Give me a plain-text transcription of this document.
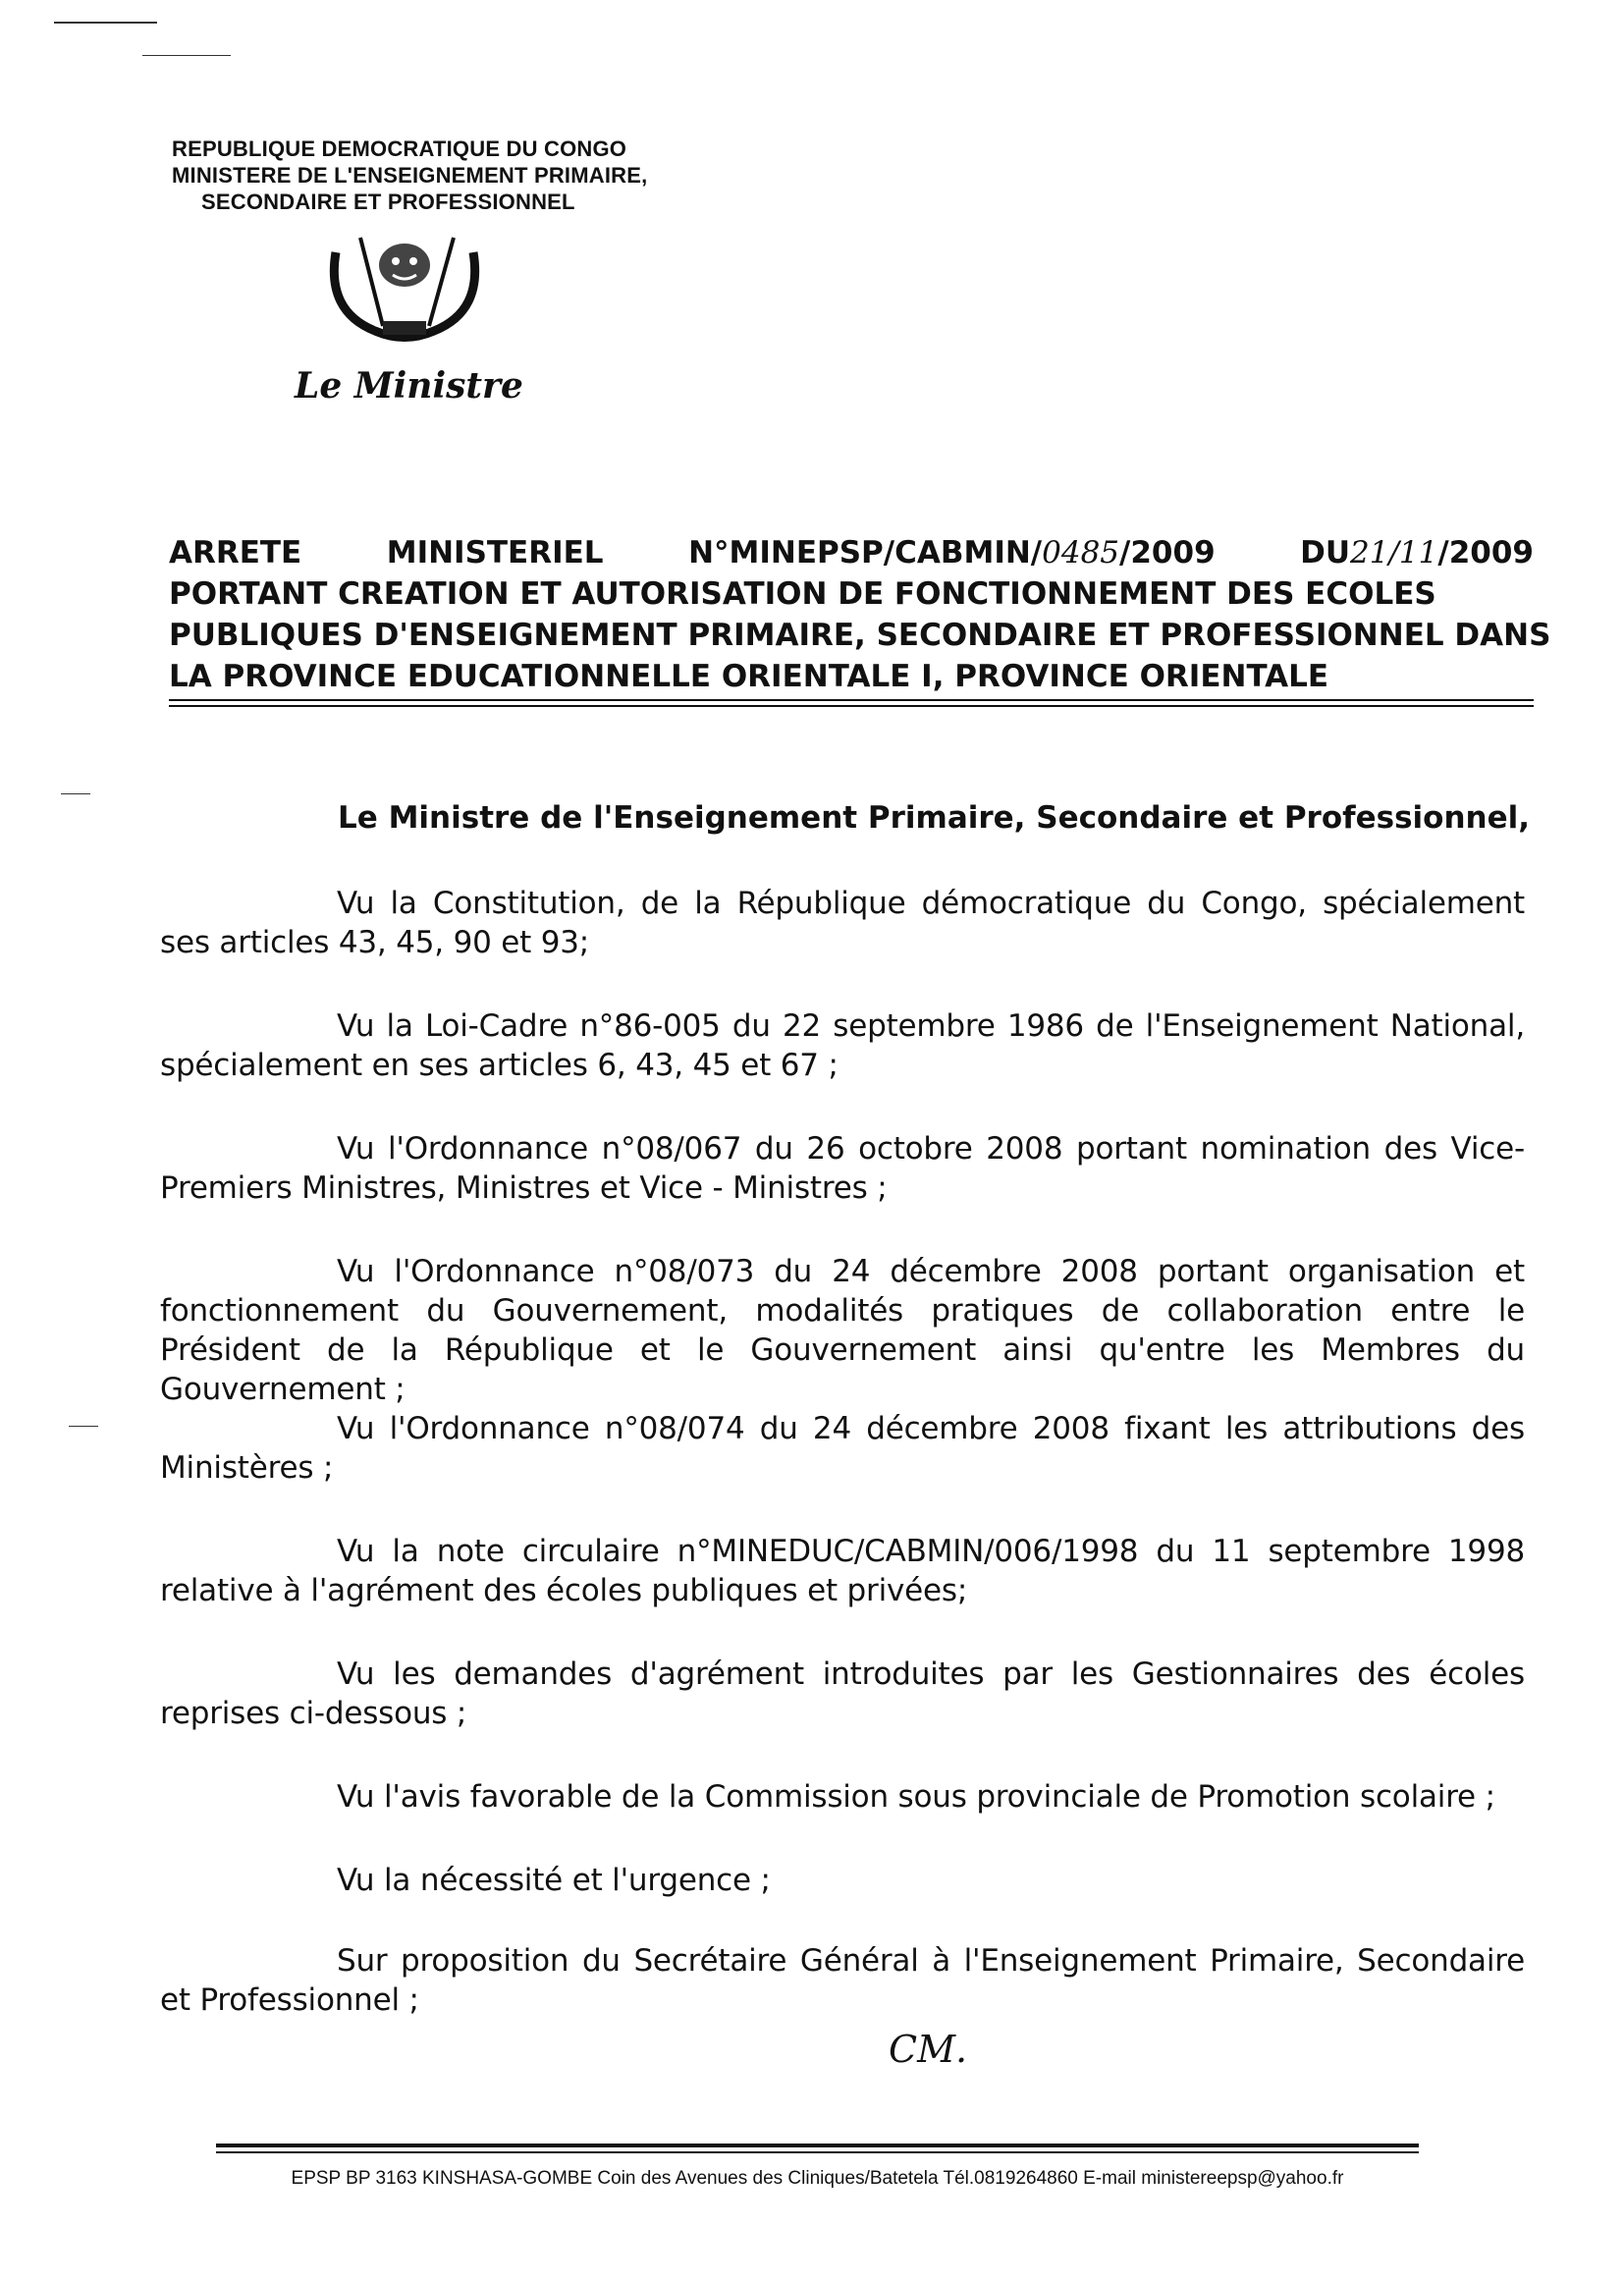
REPUBLIQUE DEMOCRATIQUE DU CONGO
MINISTERE DE L'ENSEIGNEMENT PRIMAIRE,
SECONDAIRE ET PROFESSIONNEL
Le Ministre
ARRETE	MINISTERIEL	N°MINEPSP/CABMIN/0485/2009	DU21/11/2009
PORTANT CREATION ET AUTORISATION DE FONCTIONNEMENT DES ECOLES
PUBLIQUES D'ENSEIGNEMENT PRIMAIRE, SECONDAIRE ET PROFESSIONNEL DANS
LA PROVINCE EDUCATIONNELLE ORIENTALE I, PROVINCE ORIENTALE
Le Ministre de l'Enseignement Primaire, Secondaire et Professionnel,
Vu la Constitution, de la République démocratique du Congo, spécialement ses articles 43, 45, 90 et 93;
Vu la Loi-Cadre n°86-005 du 22 septembre 1986 de l'Enseignement National, spécialement en ses articles 6, 43, 45 et 67 ;
Vu l'Ordonnance n°08/067 du 26 octobre 2008 portant nomination des Vice-Premiers Ministres, Ministres et Vice - Ministres ;
Vu l'Ordonnance n°08/073 du 24 décembre 2008 portant organisation et fonctionnement du Gouvernement, modalités pratiques de collaboration entre le Président de la République et le Gouvernement ainsi qu'entre les Membres du Gouvernement ;
Vu l'Ordonnance n°08/074 du 24 décembre 2008 fixant les attributions des Ministères ;
Vu la note circulaire n°MINEDUC/CABMIN/006/1998 du 11 septembre 1998 relative à l'agrément des écoles publiques et privées;
Vu les demandes d'agrément introduites par les Gestionnaires des écoles reprises ci-dessous ;
Vu l'avis favorable de la Commission sous provinciale de Promotion scolaire ;
Vu la nécessité et l'urgence ;
Sur proposition du Secrétaire Général à l'Enseignement Primaire, Secondaire et Professionnel ;
CM.
EPSP BP 3163 KINSHASA-GOMBE Coin des Avenues des Cliniques/Batetela Tél.0819264860 E-mail ministereepsp@yahoo.fr
